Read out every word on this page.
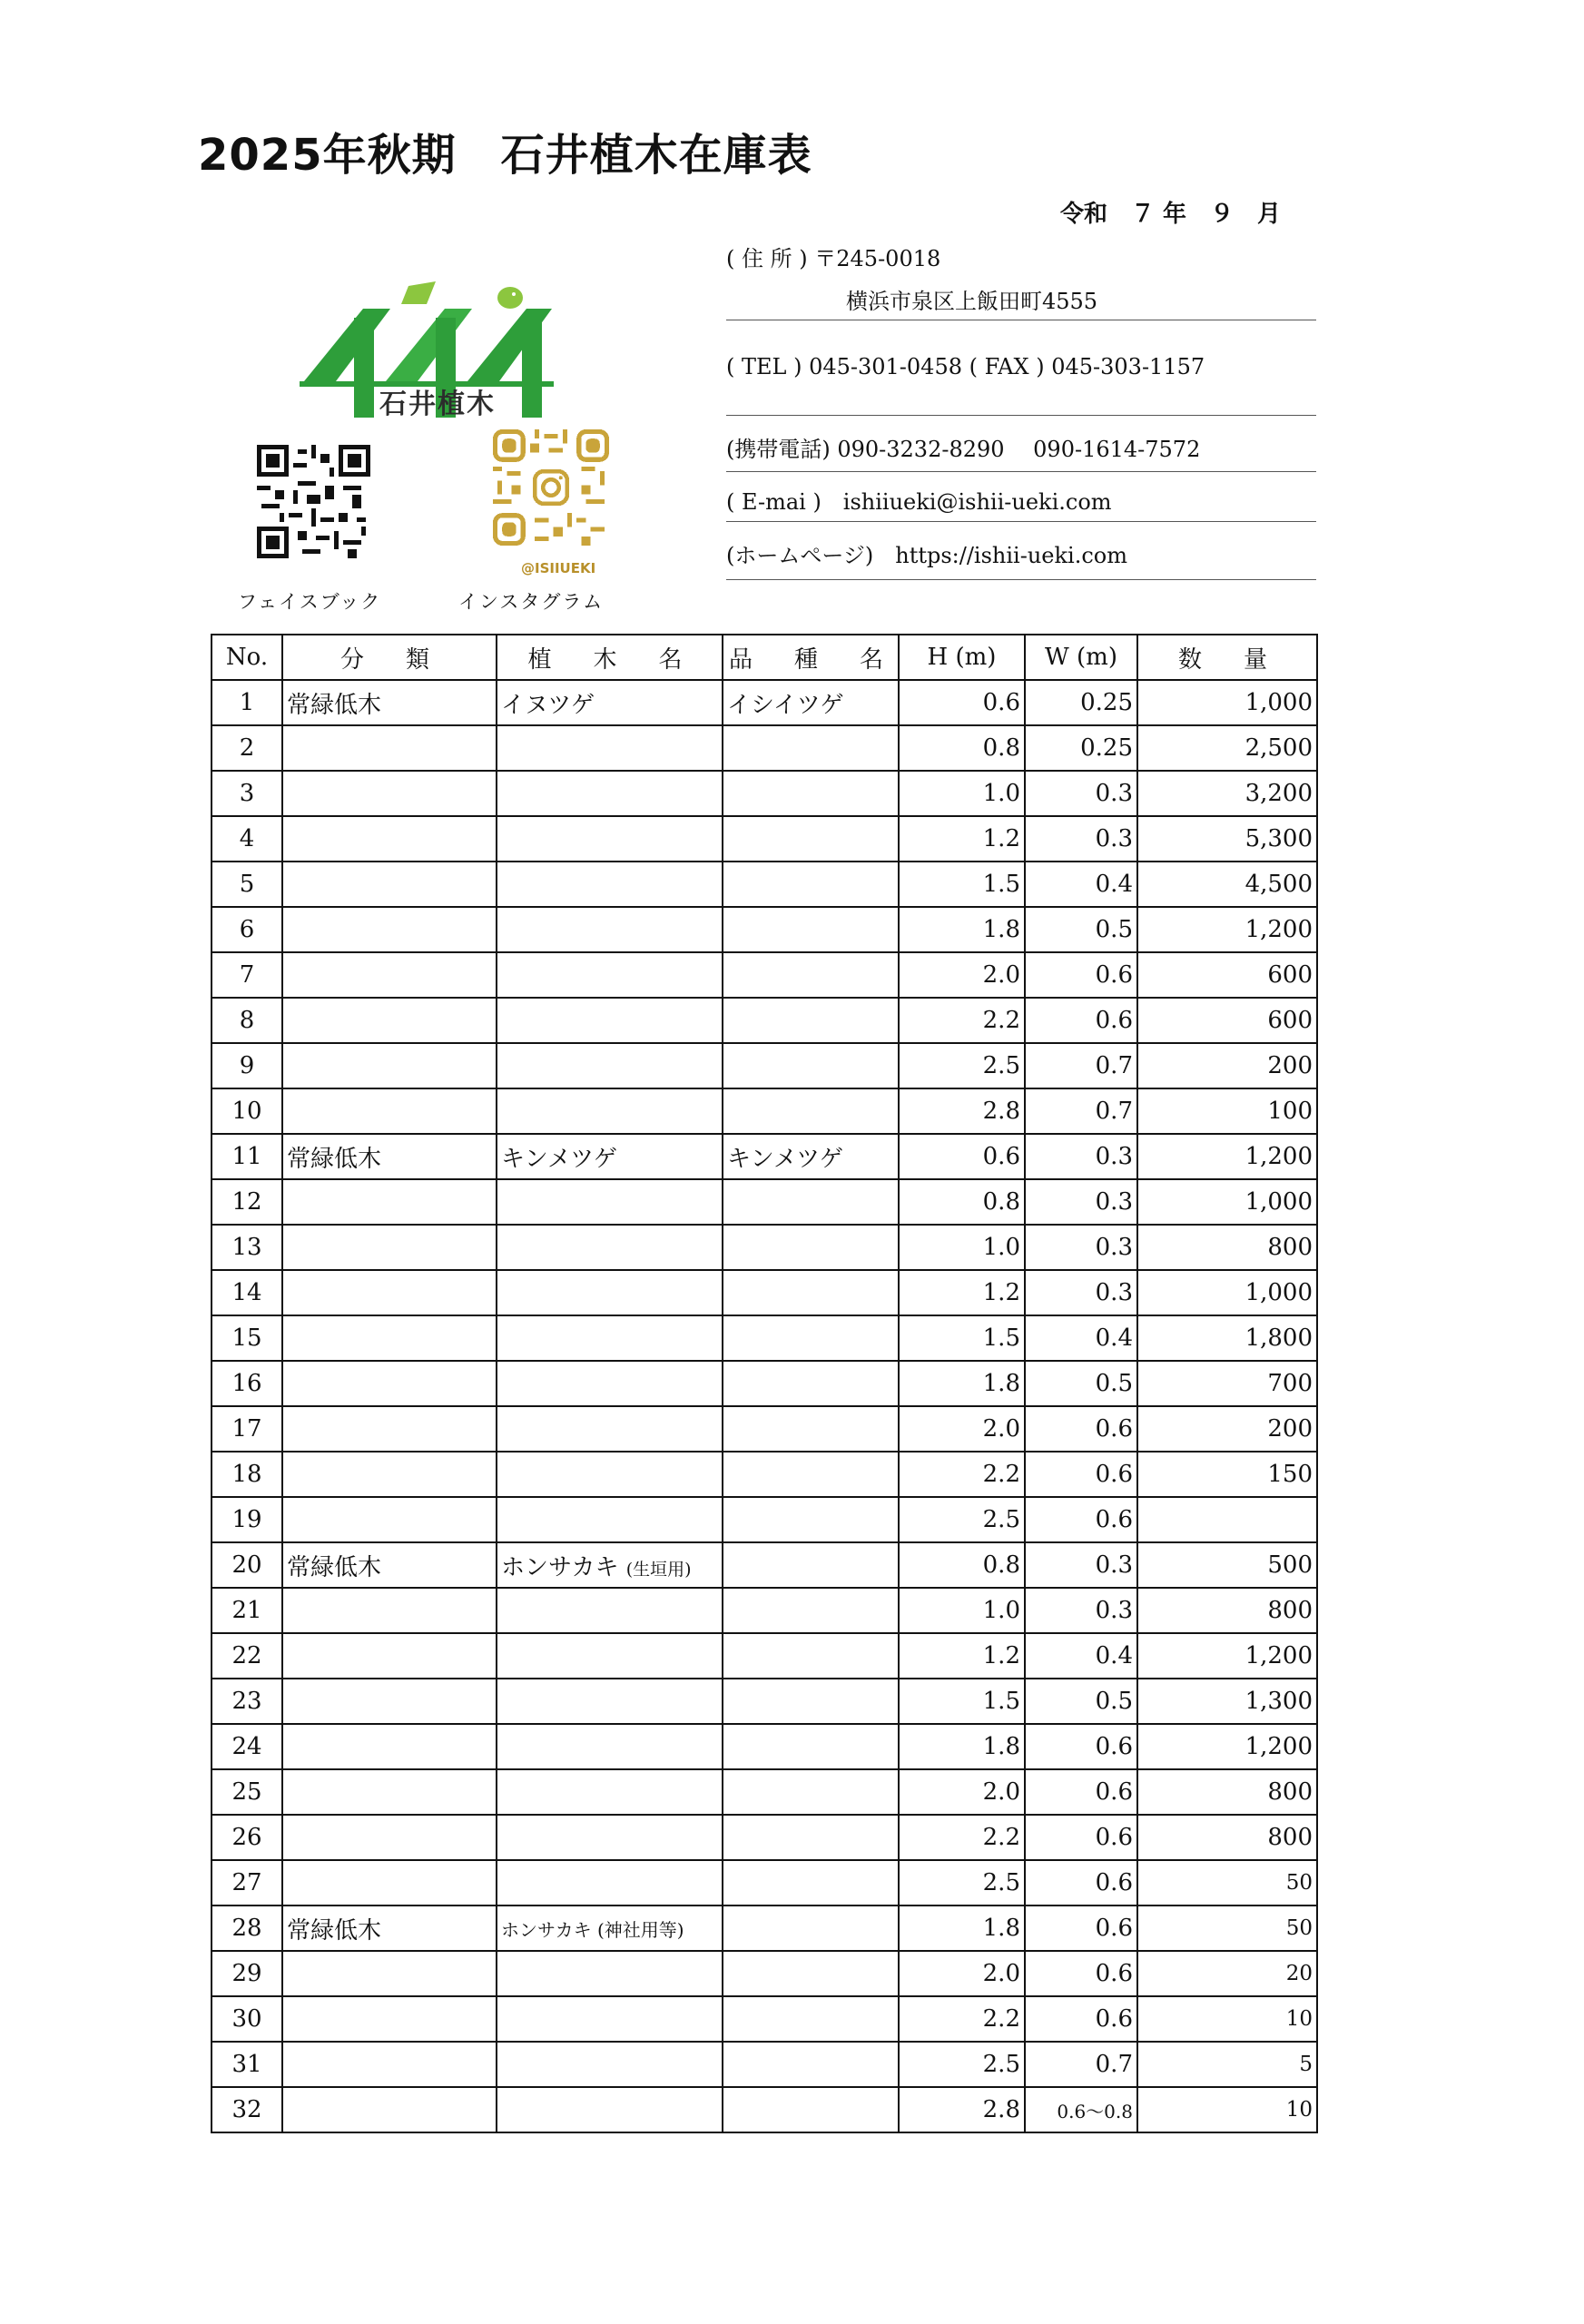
2025年秋期　石井植木在庫表
令和　７ 年　９　月
( 住 所 ) 〒245-0018
横浜市泉区上飯田町4555
( TEL ) 045-301-0458 ( FAX ) 045-303-1157
(携帯電話) 090-3232-8290　 090-1614-7572
( E-mai )　ishiiueki@ishii-ueki.com
(ホームページ)　https://ishii-ueki.com
石井植木
フェイスブック
@ISIIUEKI
インスタグラム
No.	分　類	植　木　名	品　種　名	H (m)	W (m)	数　量
1	常緑低木	イヌツゲ	イシイツゲ	0.6	0.25	1,000
2				0.8	0.25	2,500
3				1.0	0.3	3,200
4				1.2	0.3	5,300
5				1.5	0.4	4,500
6				1.8	0.5	1,200
7				2.0	0.6	600
8				2.2	0.6	600
9				2.5	0.7	200
10				2.8	0.7	100
11	常緑低木	キンメツゲ	キンメツゲ	0.6	0.3	1,200
12				0.8	0.3	1,000
13				1.0	0.3	800
14				1.2	0.3	1,000
15				1.5	0.4	1,800
16				1.8	0.5	700
17				2.0	0.6	200
18				2.2	0.6	150
19				2.5	0.6	
20	常緑低木	ホンサカキ (生垣用)		0.8	0.3	500
21				1.0	0.3	800
22				1.2	0.4	1,200
23				1.5	0.5	1,300
24				1.8	0.6	1,200
25				2.0	0.6	800
26				2.2	0.6	800
27				2.5	0.6	50
28	常緑低木	ホンサカキ (神社用等)		1.8	0.6	50
29				2.0	0.6	20
30				2.2	0.6	10
31				2.5	0.7	5
32				2.8	0.6〜0.8	10
